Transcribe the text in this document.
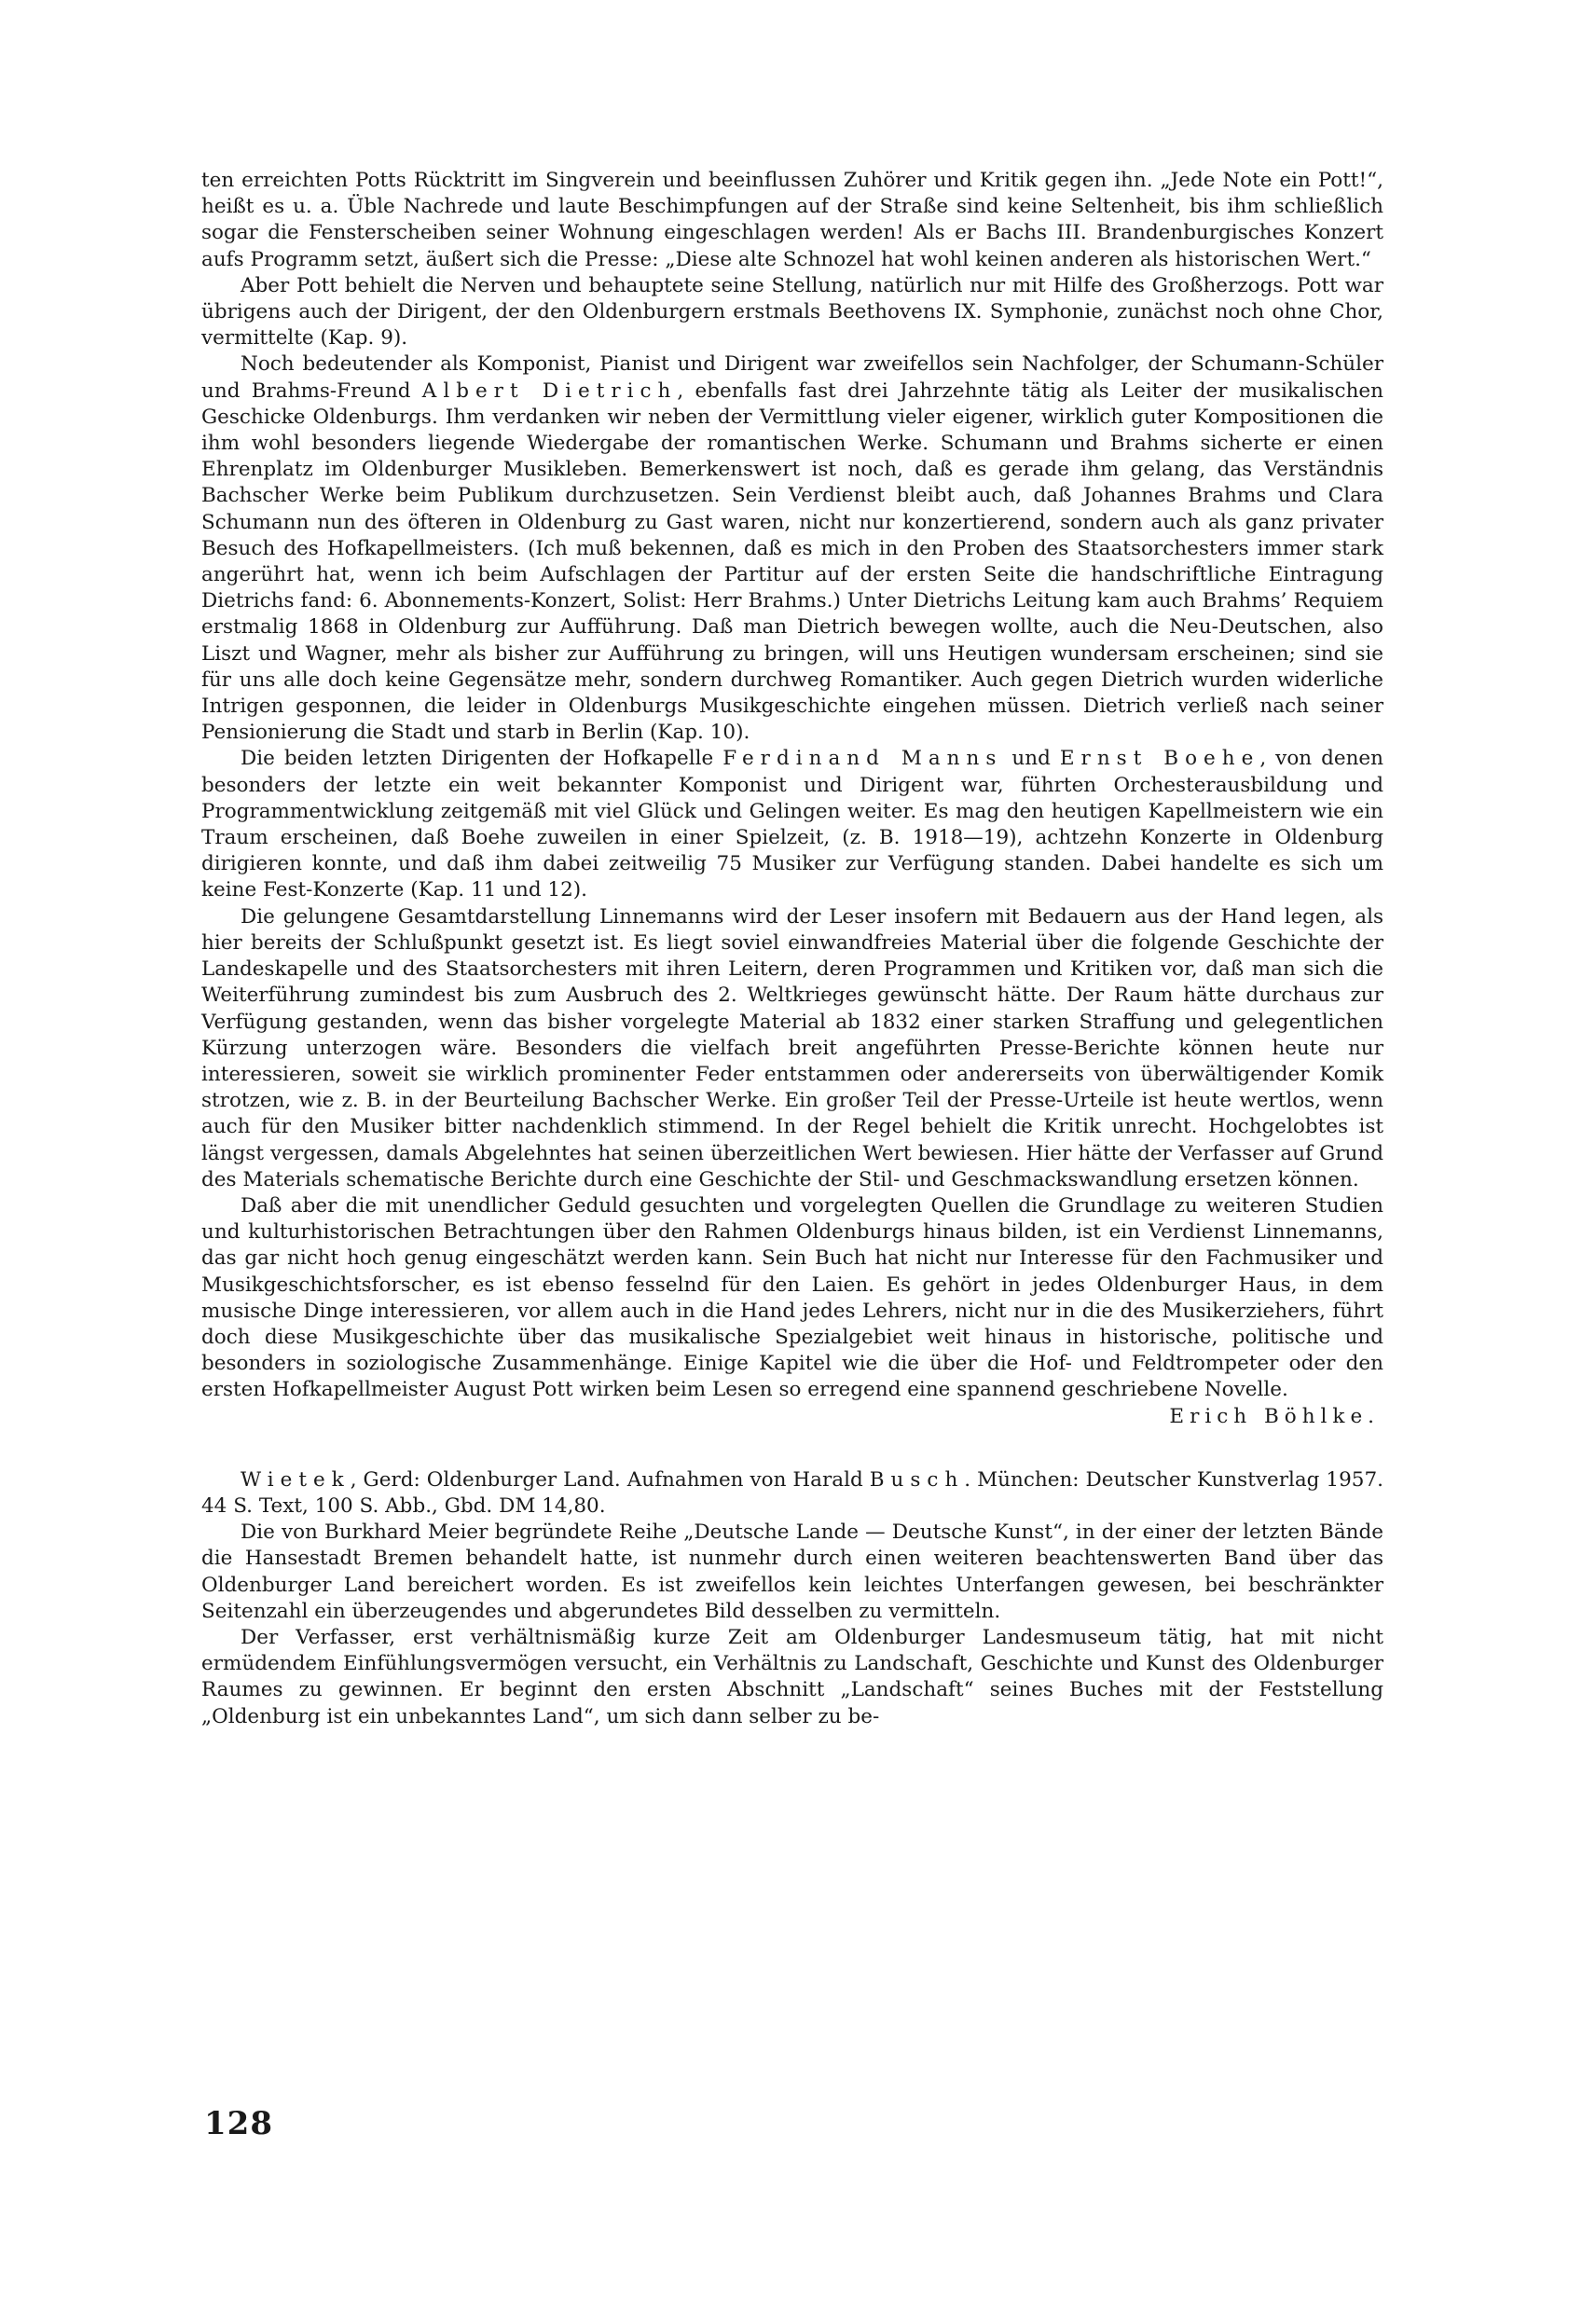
ten erreichten Potts Rücktritt im Singverein und beeinflussen Zuhörer und Kritik gegen ihn. „Jede Note ein Pott!“, heißt es u. a. Üble Nachrede und laute Beschimpfungen auf der Straße sind keine Seltenheit, bis ihm schließlich sogar die Fensterscheiben seiner Wohnung eingeschlagen werden! Als er Bachs III. Brandenburgisches Konzert aufs Programm setzt, äußert sich die Presse: „Diese alte Schnozel hat wohl keinen anderen als historischen Wert.“

Aber Pott behielt die Nerven und behauptete seine Stellung, natürlich nur mit Hilfe des Großherzogs. Pott war übrigens auch der Dirigent, der den Oldenburgern erstmals Beethovens IX. Symphonie, zunächst noch ohne Chor, vermittelte (Kap. 9).

Noch bedeutender als Komponist, Pianist und Dirigent war zweifellos sein Nachfolger, der Schumann-Schüler und Brahms-Freund Albert Dietrich, ebenfalls fast drei Jahrzehnte tätig als Leiter der musikalischen Geschicke Oldenburgs. Ihm verdanken wir neben der Vermittlung vieler eigener, wirklich guter Kompositionen die ihm wohl besonders liegende Wiedergabe der romantischen Werke. Schumann und Brahms sicherte er einen Ehrenplatz im Oldenburger Musikleben. Bemerkenswert ist noch, daß es gerade ihm gelang, das Verständnis Bachscher Werke beim Publikum durchzusetzen. Sein Verdienst bleibt auch, daß Johannes Brahms und Clara Schumann nun des öfteren in Oldenburg zu Gast waren, nicht nur konzertierend, sondern auch als ganz privater Besuch des Hofkapellmeisters. (Ich muß bekennen, daß es mich in den Proben des Staatsorchesters immer stark angerührt hat, wenn ich beim Aufschlagen der Partitur auf der ersten Seite die handschriftliche Eintragung Dietrichs fand: 6. Abonnements-Konzert, Solist: Herr Brahms.) Unter Dietrichs Leitung kam auch Brahms’ Requiem erstmalig 1868 in Oldenburg zur Aufführung. Daß man Dietrich bewegen wollte, auch die Neu-Deutschen, also Liszt und Wagner, mehr als bisher zur Aufführung zu bringen, will uns Heutigen wundersam erscheinen; sind sie für uns alle doch keine Gegensätze mehr, sondern durchweg Romantiker. Auch gegen Dietrich wurden widerliche Intrigen gesponnen, die leider in Oldenburgs Musikgeschichte eingehen müssen. Dietrich verließ nach seiner Pensionierung die Stadt und starb in Berlin (Kap. 10).

Die beiden letzten Dirigenten der Hofkapelle Ferdinand Manns und Ernst Boehe, von denen besonders der letzte ein weit bekannter Komponist und Dirigent war, führten Orchesterausbildung und Programmentwicklung zeitgemäß mit viel Glück und Gelingen weiter. Es mag den heutigen Kapellmeistern wie ein Traum erscheinen, daß Boehe zuweilen in einer Spielzeit, (z. B. 1918—19), achtzehn Konzerte in Oldenburg dirigieren konnte, und daß ihm dabei zeitweilig 75 Musiker zur Verfügung standen. Dabei handelte es sich um keine Fest-Konzerte (Kap. 11 und 12).

Die gelungene Gesamtdarstellung Linnemanns wird der Leser insofern mit Bedauern aus der Hand legen, als hier bereits der Schlußpunkt gesetzt ist. Es liegt soviel einwandfreies Material über die folgende Geschichte der Landeskapelle und des Staatsorchesters mit ihren Leitern, deren Programmen und Kritiken vor, daß man sich die Weiterführung zumindest bis zum Ausbruch des 2. Weltkrieges gewünscht hätte. Der Raum hätte durchaus zur Verfügung gestanden, wenn das bisher vorgelegte Material ab 1832 einer starken Straffung und gelegentlichen Kürzung unterzogen wäre. Besonders die vielfach breit angeführten Presse-Berichte können heute nur interessieren, soweit sie wirklich prominenter Feder entstammen oder andererseits von überwältigender Komik strotzen, wie z. B. in der Beurteilung Bachscher Werke. Ein großer Teil der Presse-Urteile ist heute wertlos, wenn auch für den Musiker bitter nachdenklich stimmend. In der Regel behielt die Kritik unrecht. Hochgelobtes ist längst vergessen, damals Abgelehntes hat seinen überzeitlichen Wert bewiesen. Hier hätte der Verfasser auf Grund des Materials schematische Berichte durch eine Geschichte der Stil- und Geschmackswandlung ersetzen können.

Daß aber die mit unendlicher Geduld gesuchten und vorgelegten Quellen die Grundlage zu weiteren Studien und kulturhistorischen Betrachtungen über den Rahmen Oldenburgs hinaus bilden, ist ein Verdienst Linnemanns, das gar nicht hoch genug eingeschätzt werden kann. Sein Buch hat nicht nur Interesse für den Fachmusiker und Musikgeschichtsforscher, es ist ebenso fesselnd für den Laien. Es gehört in jedes Oldenburger Haus, in dem musische Dinge interessieren, vor allem auch in die Hand jedes Lehrers, nicht nur in die des Musikerziehers, führt doch diese Musikgeschichte über das musikalische Spezialgebiet weit hinaus in historische, politische und besonders in soziologische Zusammenhänge. Einige Kapitel wie die über die Hof- und Feldtrompeter oder den ersten Hofkapellmeister August Pott wirken beim Lesen so erregend eine spannend geschriebene Novelle.

Erich Böhlke.

Wietek, Gerd: Oldenburger Land. Aufnahmen von Harald Busch. München: Deutscher Kunstverlag 1957. 44 S. Text, 100 S. Abb., Gbd. DM 14,80.

Die von Burkhard Meier begründete Reihe „Deutsche Lande — Deutsche Kunst“, in der einer der letzten Bände die Hansestadt Bremen behandelt hatte, ist nunmehr durch einen weiteren beachtenswerten Band über das Oldenburger Land bereichert worden. Es ist zweifellos kein leichtes Unterfangen gewesen, bei beschränkter Seitenzahl ein überzeugendes und abgerundetes Bild desselben zu vermitteln.

Der Verfasser, erst verhältnismäßig kurze Zeit am Oldenburger Landesmuseum tätig, hat mit nicht ermüdendem Einfühlungsvermögen versucht, ein Verhältnis zu Landschaft, Geschichte und Kunst des Oldenburger Raumes zu gewinnen. Er beginnt den ersten Abschnitt „Landschaft“ seines Buches mit der Feststellung „Oldenburg ist ein unbekanntes Land“, um sich dann selber zu be-

128
